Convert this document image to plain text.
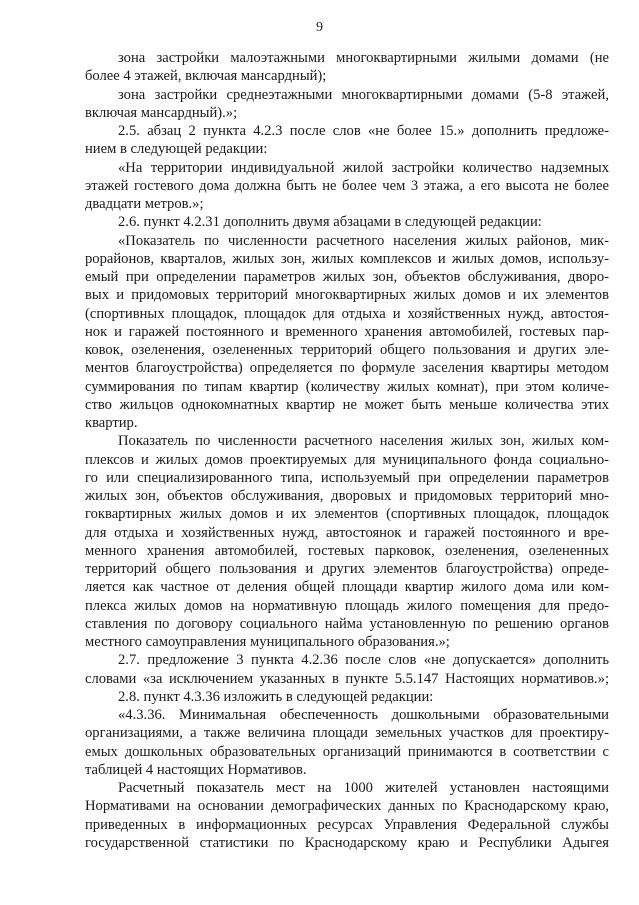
9
зона застройки малоэтажными многоквартирными жилыми домами (не
более 4 этажей, включая мансардный);
зона застройки среднеэтажными многоквартирными домами (5-8 этажей,
включая мансардный).»;
2.5. абзац 2 пункта 4.2.3 после слов «не более 15.» дополнить предложе-
нием в следующей редакции:
«На территории индивидуальной жилой застройки количество надземных
этажей гостевого дома должна быть не более чем 3 этажа, а его высота не более
двадцати метров.»;
2.6. пункт 4.2.31 дополнить двумя абзацами в следующей редакции:
«Показатель по численности расчетного населения жилых районов, мик-
рорайонов, кварталов, жилых зон, жилых комплексов и жилых домов, использу-
емый при определении параметров жилых зон, объектов обслуживания, дворо-
вых и придомовых территорий многоквартирных жилых домов и их элементов
(спортивных площадок, площадок для отдыха и хозяйственных нужд, автостоя-
нок и гаражей постоянного и временного хранения автомобилей, гостевых пар-
ковок, озеленения, озелененных территорий общего пользования и других эле-
ментов благоустройства) определяется по формуле заселения квартиры методом
суммирования по типам квартир (количеству жилых комнат), при этом количе-
ство жильцов однокомнатных квартир не может быть меньше количества этих
квартир.
Показатель по численности расчетного населения жилых зон, жилых ком-
плексов и жилых домов проектируемых для муниципального фонда социально-
го или специализированного типа, используемый при определении параметров
жилых зон, объектов обслуживания, дворовых и придомовых территорий мно-
гоквартирных жилых домов и их элементов (спортивных площадок, площадок
для отдыха и хозяйственных нужд, автостоянок и гаражей постоянного и вре-
менного хранения автомобилей, гостевых парковок, озеленения, озелененных
территорий общего пользования и других элементов благоустройства) опреде-
ляется как частное от деления общей площади квартир жилого дома или ком-
плекса жилых домов на нормативную площадь жилого помещения для предо-
ставления по договору социального найма установленную по решению органов
местного самоуправления муниципального образования.»;
2.7. предложение 3 пункта 4.2.36 после слов «не допускается» дополнить
словами «за исключением указанных в пункте 5.5.147 Настоящих нормативов.»;
2.8. пункт 4.3.36 изложить в следующей редакции:
«4.3.36. Минимальная обеспеченность дошкольными образовательными
организациями, а также величина площади земельных участков для проектиру-
емых дошкольных образовательных организаций принимаются в соответствии с
таблицей 4 настоящих Нормативов.
Расчетный показатель мест на 1000 жителей установлен настоящими
Нормативами на основании демографических данных по Краснодарскому краю,
приведенных в информационных ресурсах Управления Федеральной службы
государственной статистики по Краснодарскому краю и Республики Адыгея
